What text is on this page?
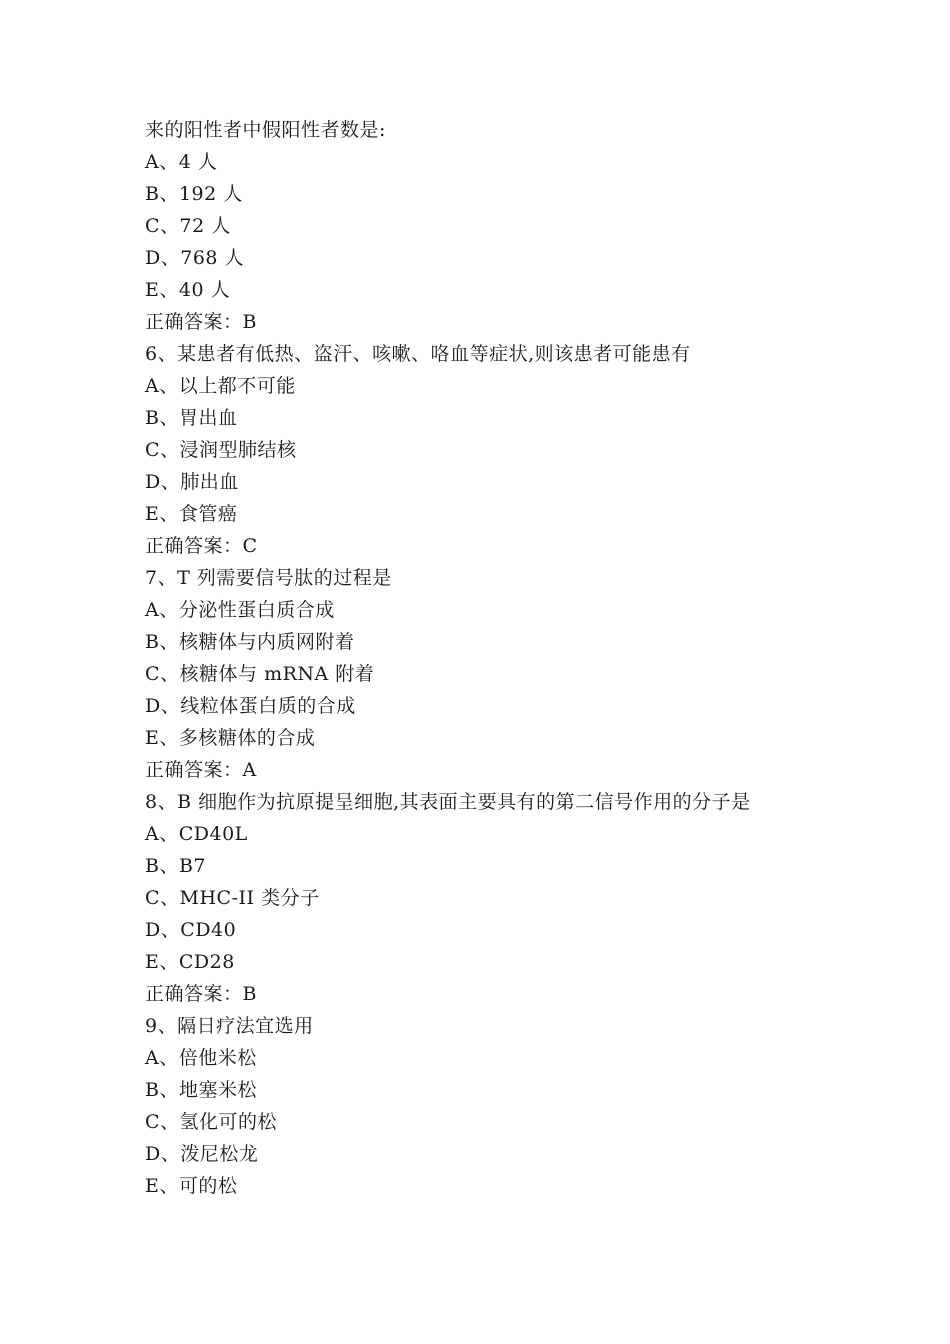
来的阳性者中假阳性者数是:
A、4 人
B、192 人
C、72 人
D、768 人
E、40 人
正确答案：B
6、某患者有低热、盗汗、咳嗽、咯血等症状,则该患者可能患有
A、以上都不可能
B、胃出血
C、浸润型肺结核
D、肺出血
E、食管癌
正确答案：C
7、T 列需要信号肽的过程是
A、分泌性蛋白质合成
B、核糖体与内质网附着
C、核糖体与 mRNA 附着
D、线粒体蛋白质的合成
E、多核糖体的合成
正确答案：A
8、B 细胞作为抗原提呈细胞,其表面主要具有的第二信号作用的分子是
A、CD40L
B、B7
C、MHC-II 类分子
D、CD40
E、CD28
正确答案：B
9、隔日疗法宜选用
A、倍他米松
B、地塞米松
C、氢化可的松
D、泼尼松龙
E、可的松
